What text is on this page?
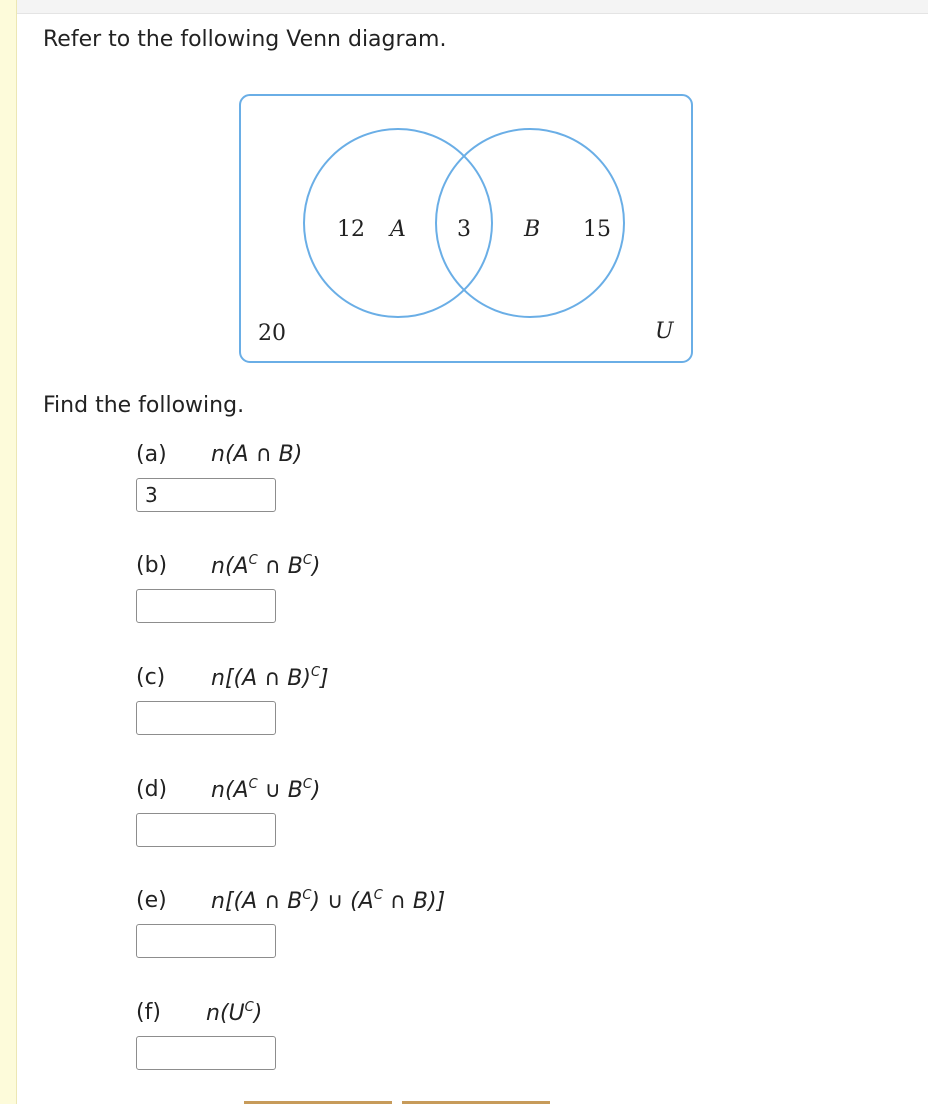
Refer to the following Venn diagram.
12 A 3 B 15
20	U
Find the following.
(a) n(A ∩ B)
3
(b) $n(A^C$ ∩ $B^C$)
(c) n[(A ∩ B)$^C$]
(d) $n(A^C$ ∪ $B^C$)
(e) n[(A ∩ $B^C$) ∪ ($A^C$ ∩ B)]
(f) $n(U^C)$
